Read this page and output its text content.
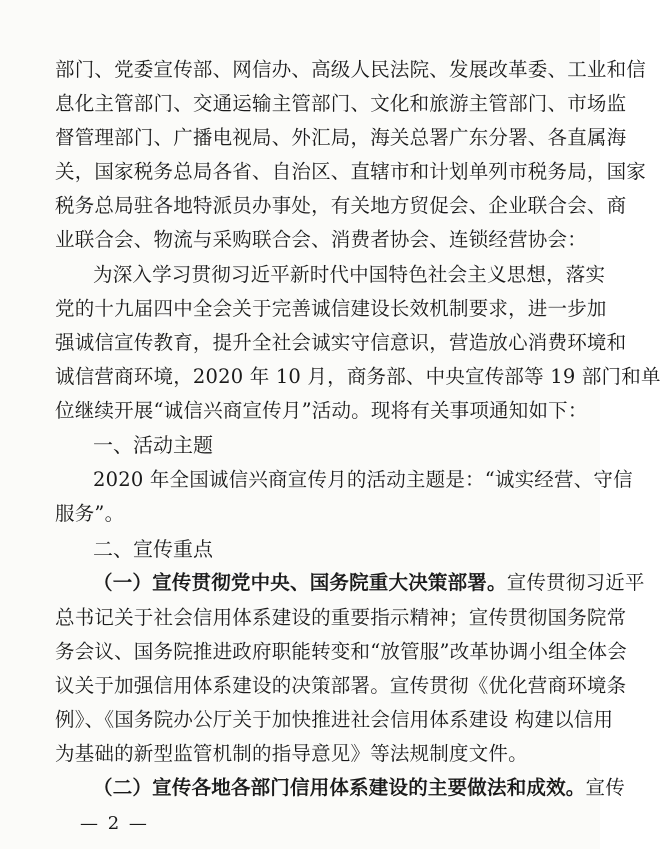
部门、党委宣传部、网信办、高级人民法院、发展改革委、工业和信
息化主管部门、交通运输主管部门、文化和旅游主管部门、市场监
督管理部门、广播电视局、外汇局，海关总署广东分署、各直属海
关，国家税务总局各省、自治区、直辖市和计划单列市税务局，国家
税务总局驻各地特派员办事处，有关地方贸促会、企业联合会、商
业联合会、物流与采购联合会、消费者协会、连锁经营协会：
为深入学习贯彻习近平新时代中国特色社会主义思想，落实
党的十九届四中全会关于完善诚信建设长效机制要求，进一步加
强诚信宣传教育，提升全社会诚实守信意识，营造放心消费环境和
诚信营商环境，2020 年 10 月，商务部、中央宣传部等 19 部门和单
位继续开展“诚信兴商宣传月”活动。现将有关事项通知如下：
一、活动主题
2020 年全国诚信兴商宣传月的活动主题是：“诚实经营、守信
服务”。
二、宣传重点
（一）宣传贯彻党中央、国务院重大决策部署。宣传贯彻习近平
总书记关于社会信用体系建设的重要指示精神；宣传贯彻国务院常
务会议、国务院推进政府职能转变和“放管服”改革协调小组全体会
议关于加强信用体系建设的决策部署。宣传贯彻《优化营商环境条
例》、《国务院办公厅关于加快推进社会信用体系建设 构建以信用
为基础的新型监管机制的指导意见》等法规制度文件。
— 2 —
（二）宣传各地各部门信用体系建设的主要做法和成效。宣传
